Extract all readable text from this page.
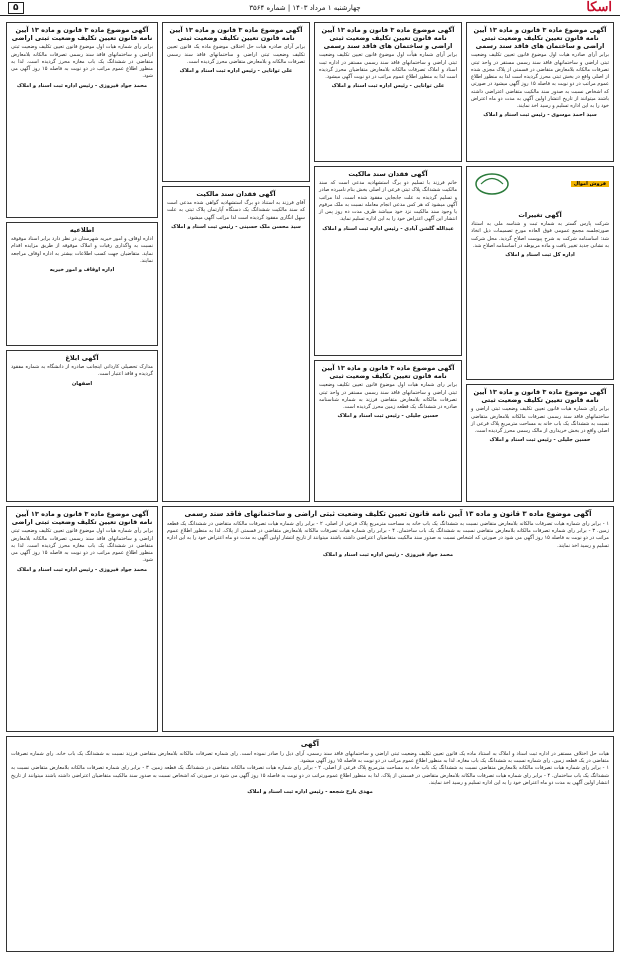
اسکا
چهارشنبه ۱ مرداد ۱۴۰۳ | شماره ۳۵۶۴
۵
آگهی موضوع ماده ۳ قانون و ماده ۱۳ آیین نامه قانون تعیین تکلیف وضعیت ثبتی اراضی و ساختمان های فاقد سند رسمی

برابر آرای صادره هیات اول موضوع قانون تعیین تکلیف وضعیت ثبتی اراضی و ساختمانهای فاقد سند رسمی مستقر در واحد ثبتی تصرفات مالکانه بلامعارض متقاضی در قسمتی از پلاک مجزی شده از اصلی واقع در بخش ثبتی محرز گردیده است لذا به منظور اطلاع عموم مراتب در دو نوبت به فاصله ۱۵ روز آگهی میشود در صورتی که اشخاص نسبت به صدور سند مالکیت متقاضی اعتراضی داشته باشند میتوانند از تاریخ انتشار اولین آگهی به مدت دو ماه اعتراض خود را به این اداره تسلیم و رسید اخذ نمایند.

سید احمد موسوی - رئیس ثبت اسناد و املاک
فروش اموال
آگهی تغییرات

شرکت پارس گستر به شماره ثبت و شناسه ملی به استناد صورتجلسه مجمع عمومی فوق العاده مورخ تصمیمات ذیل اتخاذ شد: اساسنامه شرکت به شرح پیوست اصلاح گردید. محل شرکت به نشانی جدید تغییر یافت و ماده مربوطه در اساسنامه اصلاح شد.

اداره کل ثبت اسناد و املاک
آگهی موضوع ماده ۳ قانون و ماده ۱۳ آیین نامه قانون تعیین تکلیف وضعیت ثبتی

برابر رای شماره هیات قانون تعیین تکلیف وضعیت ثبتی اراضی و ساختمانهای فاقد سند رسمی تصرفات مالکانه بلامعارض متقاضی نسبت به ششدانگ یک باب خانه به مساحت مترمربع پلاک فرعی از اصلی واقع در بخش خریداری از مالک رسمی محرز گردیده است.

حسین جلیلی - رئیس ثبت اسناد و املاک
آگهی موضوع ماده ۳ قانون و ماده ۱۳ آیین نامه قانون تعیین تکلیف وضعیت ثبتی اراضی و ساختمان های فاقد سند رسمی

برابر آرای شماره هیأت اول موضوع قانون تعیین تکلیف وضعیت ثبتی اراضی و ساختمانهای فاقد سند رسمی مستقر در اداره ثبت اسناد و املاک تصرفات مالکانه بلامعارض متقاضیان محرز گردیده است لذا به منظور اطلاع عموم مراتب در دو نوبت آگهی میشود.

علی توانایی - رئیس اداره ثبت اسناد و املاک
آگهی فقدان سند مالکیت

خانم فرزند با تسلیم دو برگ استشهادیه مدعی است که سند مالکیت ششدانگ پلاک ثبتی فرعی از اصلی بخش بنام نامبرده صادر و تسلیم گردیده به علت جابجایی مفقود شده است، لذا مراتب آگهی میشود که هر کس مدعی انجام معامله نسبت به ملک مرقوم یا وجود سند مالکیت نزد خود میباشد ظرف مدت ده روز پس از انتشار این آگهی اعتراض خود را به این اداره تسلیم نماید.

عبدالله گلشن آبادی - رئیس اداره ثبت اسناد و املاک
آگهی موضوع ماده ۳ قانون و ماده ۱۳ آیین نامه قانون تعیین تکلیف وضعیت ثبتی

برابر رای شماره هیات اول موضوع قانون تعیین تکلیف وضعیت ثبتی اراضی و ساختمانهای فاقد سند رسمی مستقر در واحد ثبتی تصرفات مالکانه بلامعارض متقاضی فرزند به شماره شناسنامه صادره در ششدانگ یک قطعه زمین محرز گردیده است.

حسین جلیلی - رئیس ثبت اسناد و املاک
آگهی موضوع ماده ۳ قانون و ماده ۱۳ آیین نامه قانون تعیین تکلیف وضعیت ثبتی

برابر آرای صادره هیات حل اختلاف موضوع ماده یک قانون تعیین تکلیف وضعیت ثبتی اراضی و ساختمانهای فاقد سند رسمی تصرفات مالکانه و بلامعارض متقاضی محرز گردیده است.

علی توانایی - رئیس اداره ثبت اسناد و املاک
آگهی فقدان سند مالکیت

آقای فرزند به استناد دو برگ استشهادیه گواهی شده مدعی است که سند مالکیت ششدانگ یک دستگاه آپارتمان پلاک ثبتی به علت سهل انگاری مفقود گردیده است لذا مراتب آگهی میشود.

سید محسن ملک حسینی - رئیس ثبت اسناد و املاک
آگهی موضوع ماده ۳ قانون و ماده ۱۳ آیین نامه قانون تعیین تکلیف وضعیت ثبتی اراضی

برابر رأی شماره هیات اول موضوع قانون تعیین تکلیف وضعیت ثبتی اراضی و ساختمانهای فاقد سند رسمی تصرفات مالکانه بلامعارض متقاضی در ششدانگ یک باب مغازه محرز گردیده است. لذا به منظور اطلاع عموم مراتب در دو نوبت به فاصله ۱۵ روز آگهی می شود.

محمد جواد فیروزی - رئیس اداره ثبت اسناد و املاک
اطلاعیه

اداره اوقاف و امور خیریه شهرستان در نظر دارد برابر اسناد موقوفه نسبت به واگذاری رقبات و املاک موقوفه از طریق مزایده اقدام نماید. متقاضیان جهت کسب اطلاعات بیشتر به اداره اوقاف مراجعه نمایند.

اداره اوقاف و امور خیریه
آگهی ابلاغ

مدارک تحصیلی کاردانی اینجانب صادره از دانشگاه به شماره مفقود گردیده و فاقد اعتبار است.

اصفهان
آگهی موضوع ماده ۳ قانون و ماده ۱۳ آیین نامه قانون تعیین تکلیف وضعیت ثبتی اراضی و ساختمانهای فاقد سند رسمی

۱ - برابر رای شماره هیات تصرفات مالکانه بلامعارض متقاضی نسبت به ششدانگ یک باب خانه به مساحت مترمربع پلاک فرعی از اصلی. ۲ - برابر رای شماره هیات تصرفات مالکانه متقاضی در ششدانگ یک قطعه زمین. ۳ - برابر رای شماره تصرفات مالکانه بلامعارض متقاضی نسبت به ششدانگ یک باب ساختمان. ۴ - برابر رای شماره هیات تصرفات مالکانه بلامعارض متقاضی در قسمتی از پلاک. لذا به منظور اطلاع عموم مراتب در دو نوبت به فاصله ۱۵ روز آگهی می شود در صورتی که اشخاص نسبت به صدور سند مالکیت متقاضیان اعتراضی داشته باشند میتوانند از تاریخ انتشار اولین آگهی به مدت دو ماه اعتراض خود را به این اداره تسلیم و رسید اخذ نمایند.

محمد جواد فیروزی - رئیس اداره ثبت اسناد و املاک
آگهی موضوع ماده ۳ قانون و ماده ۱۳ آیین نامه قانون تعیین تکلیف وضعیت ثبتی اراضی

برابر رأی شماره هیات اول موضوع قانون تعیین تکلیف وضعیت ثبتی اراضی و ساختمانهای فاقد سند رسمی تصرفات مالکانه بلامعارض متقاضی در ششدانگ یک باب مغازه محرز گردیده است. لذا به منظور اطلاع عموم مراتب در دو نوبت به فاصله ۱۵ روز آگهی می شود.

محمد جواد فیروزی - رئیس اداره ثبت اسناد و املاک
آگهی

هیات حل اختلاف مستقر در اداره ثبت اسناد و املاک به استناد ماده یک قانون تعیین تکلیف وضعیت ثبتی اراضی و ساختمانهای فاقد سند رسمی، آرای ذیل را صادر نموده است. رای شماره تصرفات مالکانه بلامعارض متقاضی فرزند نسبت به ششدانگ یک باب خانه. رای شماره تصرفات متقاضی در یک قطعه زمین. رای شماره نسبت به ششدانگ یک باب مغازه. لذا به منظور اطلاع عموم مراتب در دو نوبت به فاصله ۱۵ روز آگهی میشود.

۱ - برابر رای شماره هیات تصرفات مالکانه بلامعارض متقاضی نسبت به ششدانگ یک باب خانه به مساحت مترمربع پلاک فرعی از اصلی. ۲ - برابر رای شماره هیات تصرفات مالکانه متقاضی در ششدانگ یک قطعه زمین. ۳ - برابر رای شماره تصرفات مالکانه بلامعارض متقاضی نسبت به ششدانگ یک باب ساختمان. ۴ - برابر رای شماره هیات تصرفات مالکانه بلامعارض متقاضی در قسمتی از پلاک. لذا به منظور اطلاع عموم مراتب در دو نوبت به فاصله ۱۵ روز آگهی می شود در صورتی که اشخاص نسبت به صدور سند مالکیت متقاضیان اعتراضی داشته باشند میتوانند از تاریخ انتشار اولین آگهی به مدت دو ماه اعتراض خود را به این اداره تسلیم و رسید اخذ نمایند.

مهدی بارخ شجعه - رئیس اداره ثبت اسناد و املاک
